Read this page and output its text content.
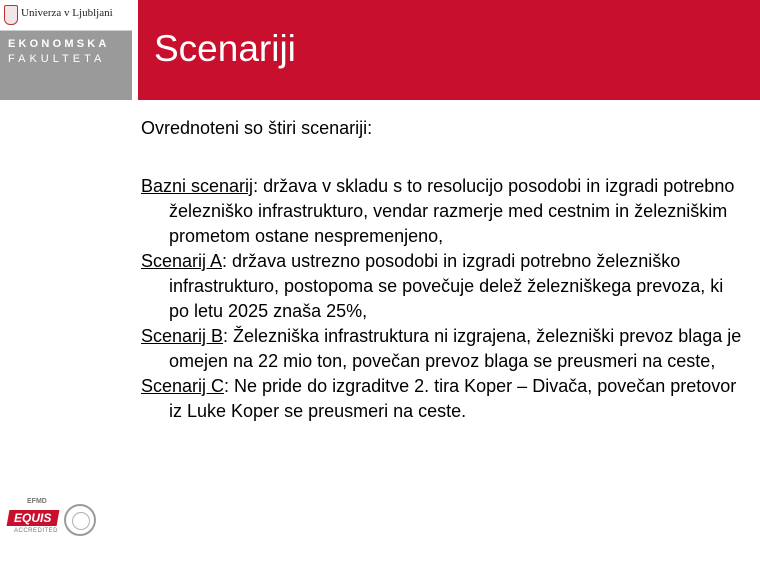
Univerza v Ljubljani
EKONOMSKA
FAKULTETA Scenariji

Ovrednoteni so štiri scenariji:

Bazni scenarij: država v skladu s to resolucijo posodobi in izgradi potrebno železniško infrastrukturo, vendar razmerje med cestnim in železniškim prometom ostane nespremenjeno,

Scenarij A: država ustrezno posodobi in izgradi potrebno železniško infrastrukturo, postopoma se povečuje delež železniškega prevoza, ki po letu 2025 znaša 25%,

Scenarij B: Železniška infrastruktura ni izgrajena, železniški prevoz blaga je omejen na 22 mio ton, povečan prevoz blaga se preusmeri na ceste,

Scenarij C: Ne pride do izgraditve 2. tira Koper – Divača, povečan pretovor iz Luke Koper se preusmeri na ceste.

EFMD
EQUIS
ACCREDITED
